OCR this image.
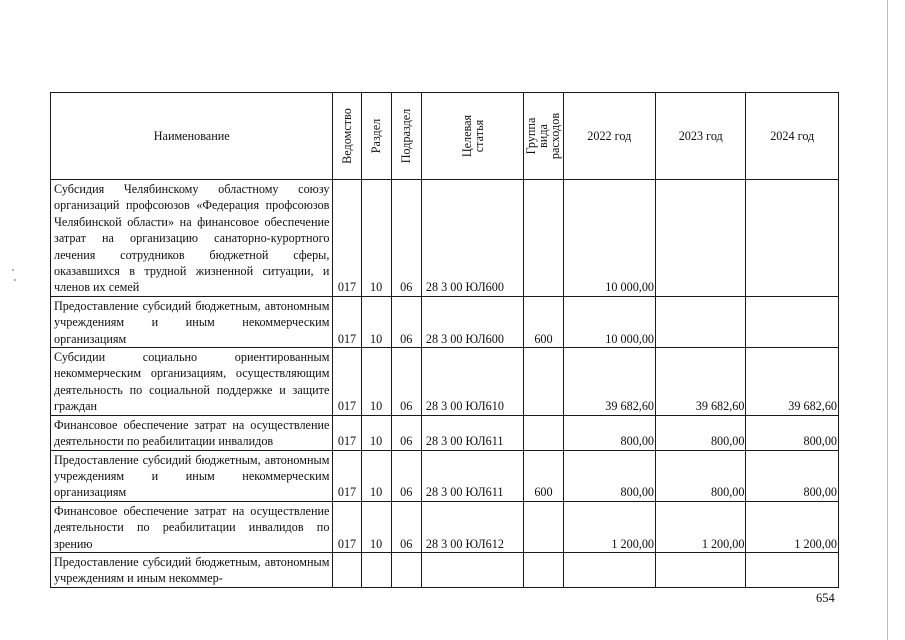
Наименование	Ведомство	Раздел	Подраздел	Целевая статья	Группа вида расходов	2022 год	2023 год	2024 год

Субсидия Челябинскому областному союзу организаций профсоюзов «Федерация профсоюзов Челябинской области» на финансовое обеспечение затрат на организацию санаторно-курортного лечения сотрудников бюджетной сферы, оказавшихся в трудной жизненной ситуации, и членов их семей	017	10	06	28 3 00 ЮЛ600		10 000,00		

Предоставление субсидий бюджетным, автономным учреждениям и иным некоммерческим организациям	017	10	06	28 3 00 ЮЛ600	600	10 000,00		

Субсидии социально ориентированным некоммерческим организациям, осуществляющим деятельность по социальной поддержке и защите граждан	017	10	06	28 3 00 ЮЛ610		39 682,60	39 682,60	39 682,60

Финансовое обеспечение затрат на осуществление деятельности по реабилитации инвалидов	017	10	06	28 3 00 ЮЛ611		800,00	800,00	800,00

Предоставление субсидий бюджетным, автономным учреждениям и иным некоммерческим организациям	017	10	06	28 3 00 ЮЛ611	600	800,00	800,00	800,00

Финансовое обеспечение затрат на осуществление деятельности по реабилитации инвалидов по зрению	017	10	06	28 3 00 ЮЛ612		1 200,00	1 200,00	1 200,00

Предоставление субсидий бюджетным, автономным учреждениям и иным некоммер-								

654
